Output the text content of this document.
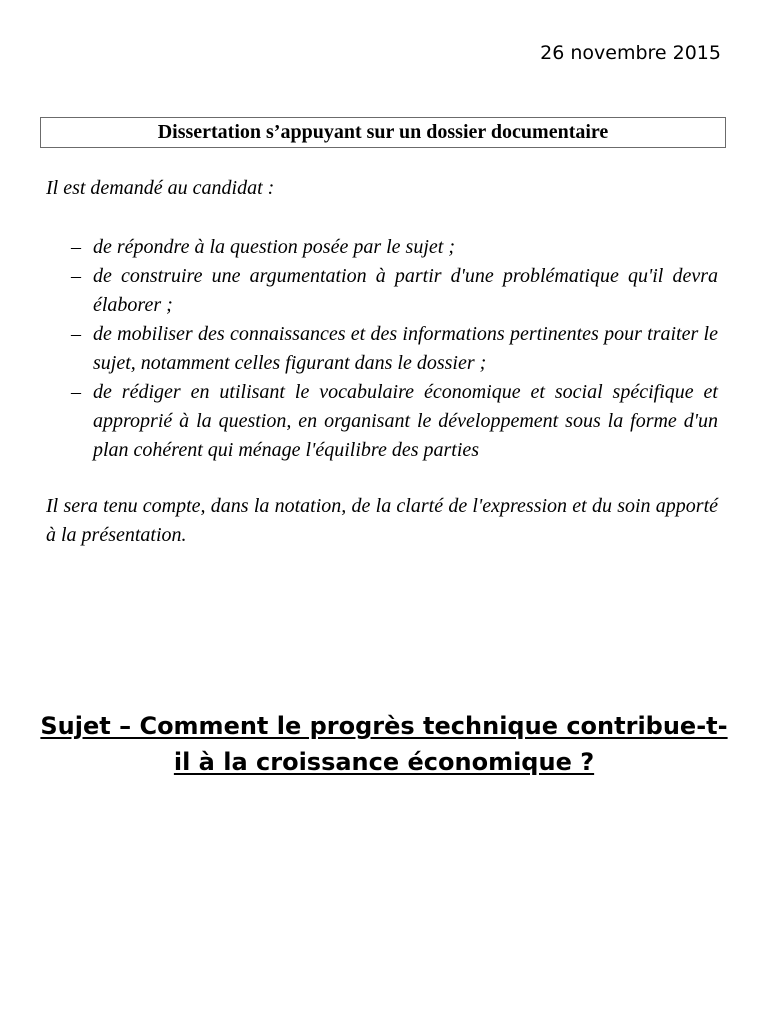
26 novembre 2015
Dissertation s’appuyant sur un dossier documentaire

Il est demandé au candidat :

– de répondre à la question posée par le sujet ;
– de construire une argumentation à partir d'une problématique qu'il devra élaborer ;
– de mobiliser des connaissances et des informations pertinentes pour traiter le sujet, notamment celles figurant dans le dossier ;
– de rédiger en utilisant le vocabulaire économique et social spécifique et approprié à la question, en organisant le développement sous la forme d'un plan cohérent qui ménage l'équilibre des parties

Il sera tenu compte, dans la notation, de la clarté de l'expression et du soin apporté à la présentation.

Sujet – Comment le progrès technique contribue-t-il à la croissance économique ?
